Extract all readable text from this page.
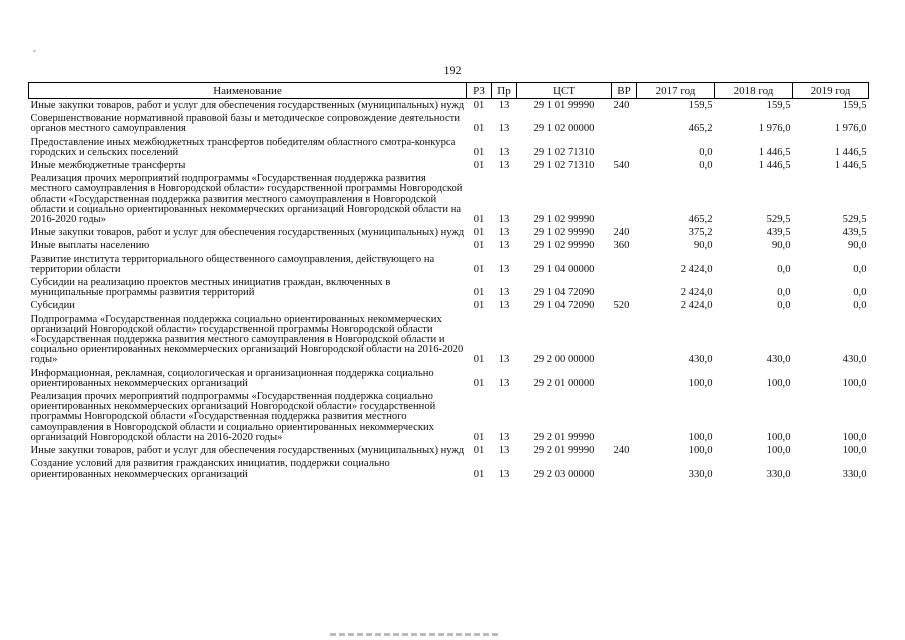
192
Наименование	РЗ	Пр	ЦСТ	ВР	2017 год	2018 год	2019 год
Иные закупки товаров, работ и услуг для обеспечения государственных (муниципальных) нужд	01	13	29 1 01 99990	240	159,5	159,5	159,5
Совершенствование нормативной правовой базы и методическое сопровождение деятельности органов местного самоуправления	01	13	29 1 02 00000		465,2	1 976,0	1 976,0
Предоставление иных межбюджетных трансфертов победителям областного смотра-конкурса городских и сельских поселений	01	13	29 1 02 71310		0,0	1 446,5	1 446,5
Иные межбюджетные трансферты	01	13	29 1 02 71310	540	0,0	1 446,5	1 446,5
Реализация прочих мероприятий подпрограммы «Государственная поддержка развития местного самоуправления в Новгородской области» государственной программы Новгородской области «Государственная поддержка развития местного самоуправления в Новгородской области и социально ориентированных некоммерческих организаций Новгородской области на 2016-2020 годы»	01	13	29 1 02 99990		465,2	529,5	529,5
Иные закупки товаров, работ и услуг для обеспечения государственных (муниципальных) нужд	01	13	29 1 02 99990	240	375,2	439,5	439,5
Иные выплаты населению	01	13	29 1 02 99990	360	90,0	90,0	90,0
Развитие института территориального общественного самоуправления, действующего на территории области	01	13	29 1 04 00000		2 424,0	0,0	0,0
Субсидии на реализацию проектов местных инициатив граждан, включенных в муниципальные программы развития территорий	01	13	29 1 04 72090		2 424,0	0,0	0,0
Субсидии	01	13	29 1 04 72090	520	2 424,0	0,0	0,0
Подпрограмма «Государственная поддержка социально ориентированных некоммерческих организаций Новгородской области» государственной программы Новгородской области «Государственная поддержка развития местного самоуправления в Новгородской области и социально ориентированных некоммерческих организаций Новгородской области на 2016-2020 годы»	01	13	29 2 00 00000		430,0	430,0	430,0
Информационная, рекламная, социологическая и организационная поддержка социально ориентированных некоммерческих организаций	01	13	29 2 01 00000		100,0	100,0	100,0
Реализация прочих мероприятий подпрограммы «Государственная поддержка социально ориентированных некоммерческих организаций Новгородской области» государственной программы Новгородской области «Государственная поддержка развития местного самоуправления в Новгородской области и социально ориентированных некоммерческих организаций Новгородской области на 2016-2020 годы»	01	13	29 2 01 99990		100,0	100,0	100,0
Иные закупки товаров, работ и услуг для обеспечения государственных (муниципальных) нужд	01	13	29 2 01 99990	240	100,0	100,0	100,0
Создание условий для развития гражданских инициатив, поддержки социально ориентированных некоммерческих организаций	01	13	29 2 03 00000		330,0	330,0	330,0
